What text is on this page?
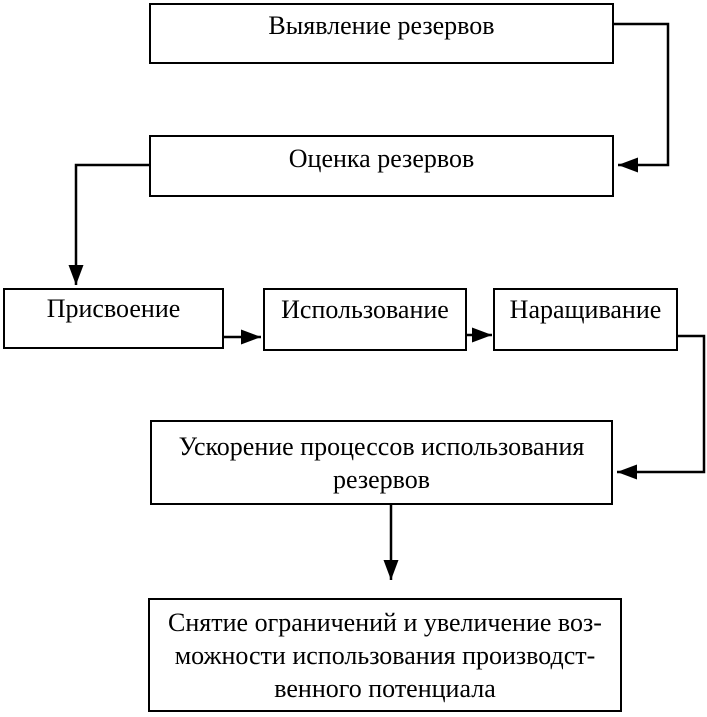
Выявление резервов
Оценка резервов
Присвоение	Использование Наращивание
Ускорение процессов использования
резервов
Снятие ограничений и увеличение воз-
можности использования производст-
венного потенциала
